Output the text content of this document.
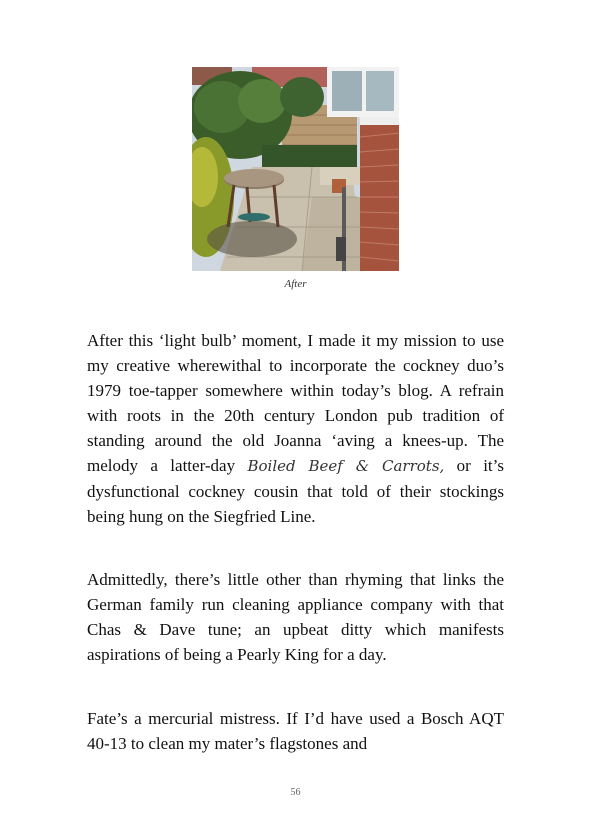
After

After this ‘light bulb’ moment, I made it my mission to use my creative wherewithal to incorporate the cockney duo’s 1979 toe-tapper somewhere within today’s blog. A refrain with roots in the 20th century London pub tradition of standing around the old Joanna ‘aving a knees-up. The melody a latter-day Boiled Beef & Carrots, or it’s dysfunctional cockney cousin that told of their stockings being hung on the Siegfried Line.

Admittedly, there’s little other than rhyming that links the German family run cleaning appliance company with that Chas & Dave tune; an upbeat ditty which manifests aspirations of being a Pearly King for a day.

Fate’s a mercurial mistress. If I’d have used a Bosch AQT 40-13 to clean my mater’s flagstones and

56
